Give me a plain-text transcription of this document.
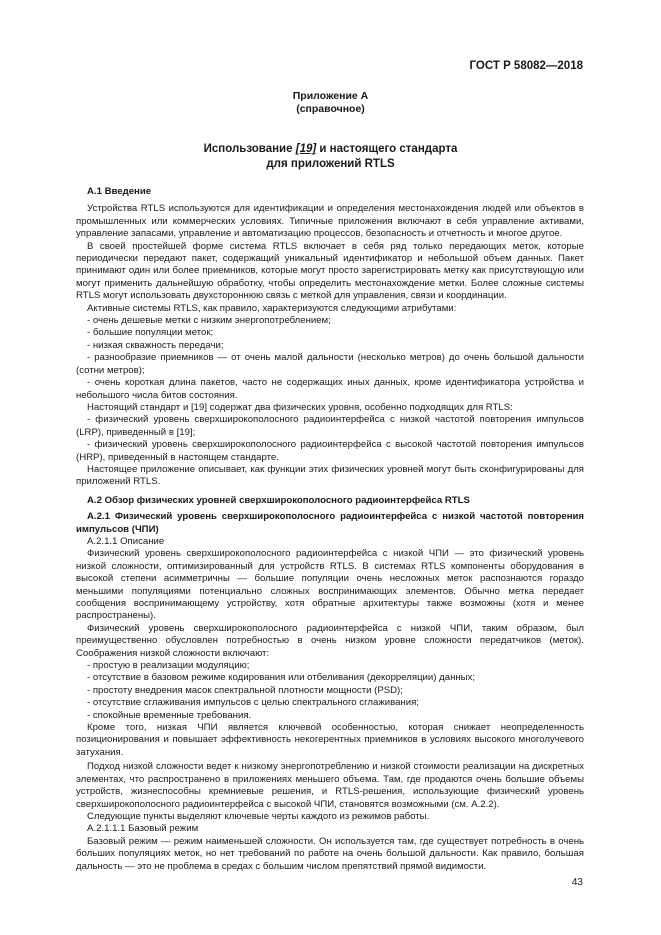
ГОСТ Р 58082—2018
Приложение А
(справочное)
Использование [19] и настоящего стандарта
для приложений RTLS

А.1 Введение

Устройства RTLS используются для идентификации и определения местонахождения людей или объектов в промышленных или коммерческих условиях. Типичные приложения включают в себя управление активами, управление запасами, управление и автоматизацию процессов, безопасность и отчетность и многое другое.

В своей простейшей форме система RTLS включает в себя ряд только передающих меток, которые периодически передают пакет, содержащий уникальный идентификатор и небольшой объем данных. Пакет принимают один или более приемников, которые могут просто зарегистрировать метку как присутствующую или могут применить дальнейшую обработку, чтобы определить местонахождение метки. Более сложные системы RTLS могут использовать двухстороннюю связь с меткой для управления, связи и координации.

Активные системы RTLS, как правило, характеризуются следующими атрибутами:

- очень дешевые метки с низким энергопотреблением;

- большие популяции меток;

- низкая скважность передачи;

- разнообразие приемников — от очень малой дальности (несколько метров) до очень большой дальности (сотни метров);

- очень короткая длина пакетов, часто не содержащих иных данных, кроме идентификатора устройства и небольшого числа битов состояния.

Настоящий стандарт и [19] содержат два физических уровня, особенно подходящих для RTLS:

- физический уровень сверхширокополосного радиоинтерфейса с низкой частотой повторения импульсов (LRP), приведенный в [19];

- физический уровень сверхширокополосного радиоинтерфейса с высокой частотой повторения импульсов (HRP), приведенный в настоящем стандарте.

Настоящее приложение описывает, как функции этих физических уровней могут быть сконфигурированы для приложений RTLS.

А.2 Обзор физических уровней сверхширокополосного радиоинтерфейса RTLS

А.2.1 Физический уровень сверхширокополосного радиоинтерфейса с низкой частотой повторения импульсов (ЧПИ)

А.2.1.1 Описание

Физический уровень сверхширокополосного радиоинтерфейса с низкой ЧПИ — это физический уровень низкой сложности, оптимизированный для устройств RTLS. В системах RTLS компоненты оборудования в высокой степени асимметричны — большие популяции очень несложных меток распознаются гораздо меньшими популяциями потенциально сложных воспринимающих элементов. Обычно метка передает сообщения воспринимающему устройству, хотя обратные архитектуры также возможны (хотя и менее распространены).

Физический уровень сверхширокополосного радиоинтерфейса с низкой ЧПИ, таким образом, был преимущественно обусловлен потребностью в очень низком уровне сложности передатчиков (меток). Соображения низкой сложности включают:

- простую в реализации модуляцию;

- отсутствие в базовом режиме кодирования или отбеливания (декорреляции) данных;

- простоту внедрения масок спектральной плотности мощности (PSD);

- отсутствие сглаживания импульсов с целью спектрального сглаживания;

- спокойные временные требования.

Кроме того, низкая ЧПИ является ключевой особенностью, которая снижает неопределенность позиционирования и повышает эффективность некогерентных приемников в условиях высокого многолучевого затухания.

Подход низкой сложности ведет к низкому энергопотреблению и низкой стоимости реализации на дискретных элементах, что распространено в приложениях меньшего объема. Там, где продаются очень большие объемы устройств, жизнеспособны кремниевые решения, и RTLS-решения, использующие физический уровень сверхширокополосного радиоинтерфейса с высокой ЧПИ, становятся возможными (см. А.2.2).

Следующие пункты выделяют ключевые черты каждого из режимов работы.

А.2.1.1.1 Базовый режим

Базовый режим — режим наименьшей сложности. Он используется там, где существует потребность в очень больших популяциях меток, но нет требований по работе на очень большой дальности. Как правило, большая дальность — это не проблема в средах с большим числом препятствий прямой видимости.

43
